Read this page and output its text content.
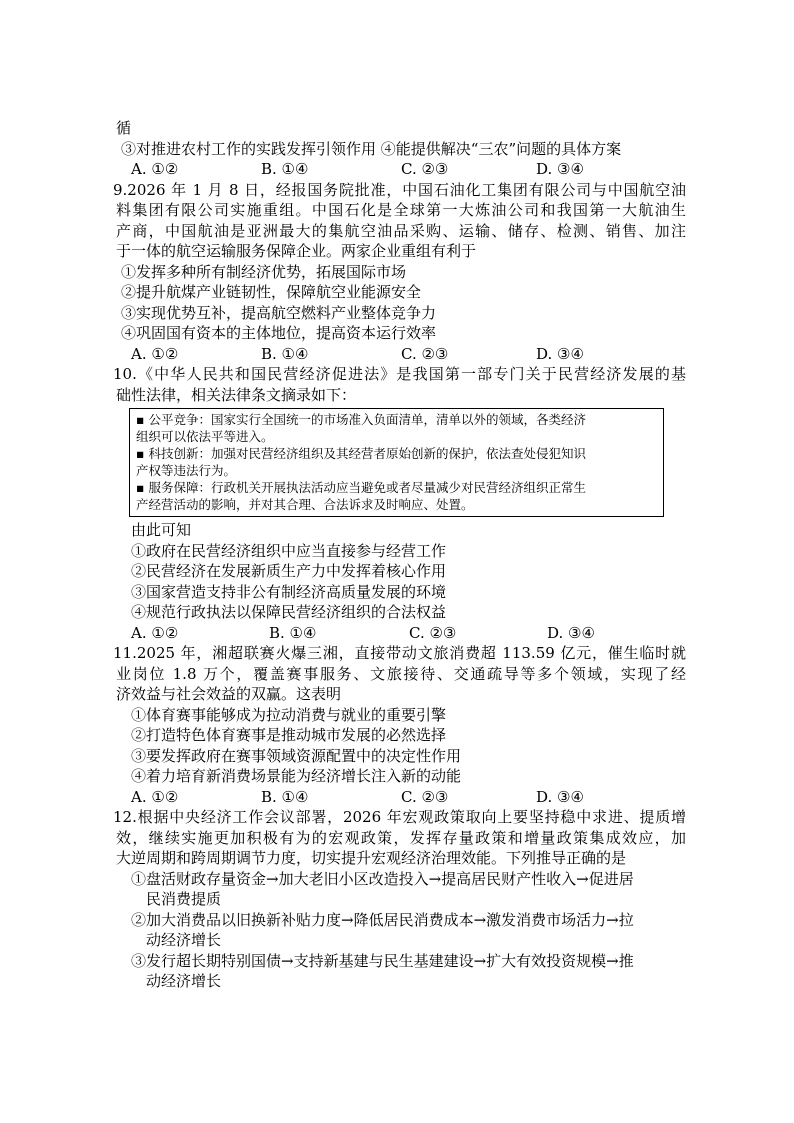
循
③对推进农村工作的实践发挥引领作用 ④能提供解决“三农”问题的具体方案
A. ①②	B. ①④	C. ②③	D. ③④
9.2026 年 1 月 8 日，经报国务院批准，中国石油化工集团有限公司与中国航空油
料集团有限公司实施重组。中国石化是全球第一大炼油公司和我国第一大航油生
产商，中国航油是亚洲最大的集航空油品采购、运输、储存、检测、销售、加注
于一体的航空运输服务保障企业。两家企业重组有利于
①发挥多种所有制经济优势，拓展国际市场
②提升航煤产业链韧性，保障航空业能源安全
③实现优势互补，提高航空燃料产业整体竞争力
④巩固国有资本的主体地位，提高资本运行效率
A. ①②	B. ①④	C. ②③	D. ③④
10.《中华人民共和国民营经济促进法》是我国第一部专门关于民营经济发展的基
础性法律，相关法律条文摘录如下：
▪ 公平竞争：国家实行全国统一的市场准入负面清单，清单以外的领域，各类经济
组织可以依法平等进入。
▪ 科技创新：加强对民营经济组织及其经营者原始创新的保护，依法查处侵犯知识
产权等违法行为。
▪ 服务保障：行政机关开展执法活动应当避免或者尽量减少对民营经济组织正常生
产经营活动的影响，并对其合理、合法诉求及时响应、处置。
由此可知
①政府在民营经济组织中应当直接参与经营工作
②民营经济在发展新质生产力中发挥着核心作用
③国家营造支持非公有制经济高质量发展的环境
④规范行政执法以保障民营经济组织的合法权益
A. ①②	B. ①④	C. ②③	D. ③④
11.2025 年，湘超联赛火爆三湘，直接带动文旅消费超 113.59 亿元，催生临时就
业岗位 1.8 万个，覆盖赛事服务、文旅接待、交通疏导等多个领域，实现了经
济效益与社会效益的双赢。这表明
①体育赛事能够成为拉动消费与就业的重要引擎
②打造特色体育赛事是推动城市发展的必然选择
③要发挥政府在赛事领域资源配置中的决定性作用
④着力培育新消费场景能为经济增长注入新的动能
A. ①②	B. ①④	C. ②③	D. ③④
12.根据中央经济工作会议部署，2026 年宏观政策取向上要坚持稳中求进、提质增
效，继续实施更加积极有为的宏观政策，发挥存量政策和增量政策集成效应，加
大逆周期和跨周期调节力度，切实提升宏观经济治理效能。下列推导正确的是
①盘活财政存量资金→加大老旧小区改造投入→提高居民财产性收入→促进居
民消费提质
②加大消费品以旧换新补贴力度→降低居民消费成本→激发消费市场活力→拉
动经济增长
③发行超长期特别国债→支持新基建与民生基建建设→扩大有效投资规模→推
动经济增长
